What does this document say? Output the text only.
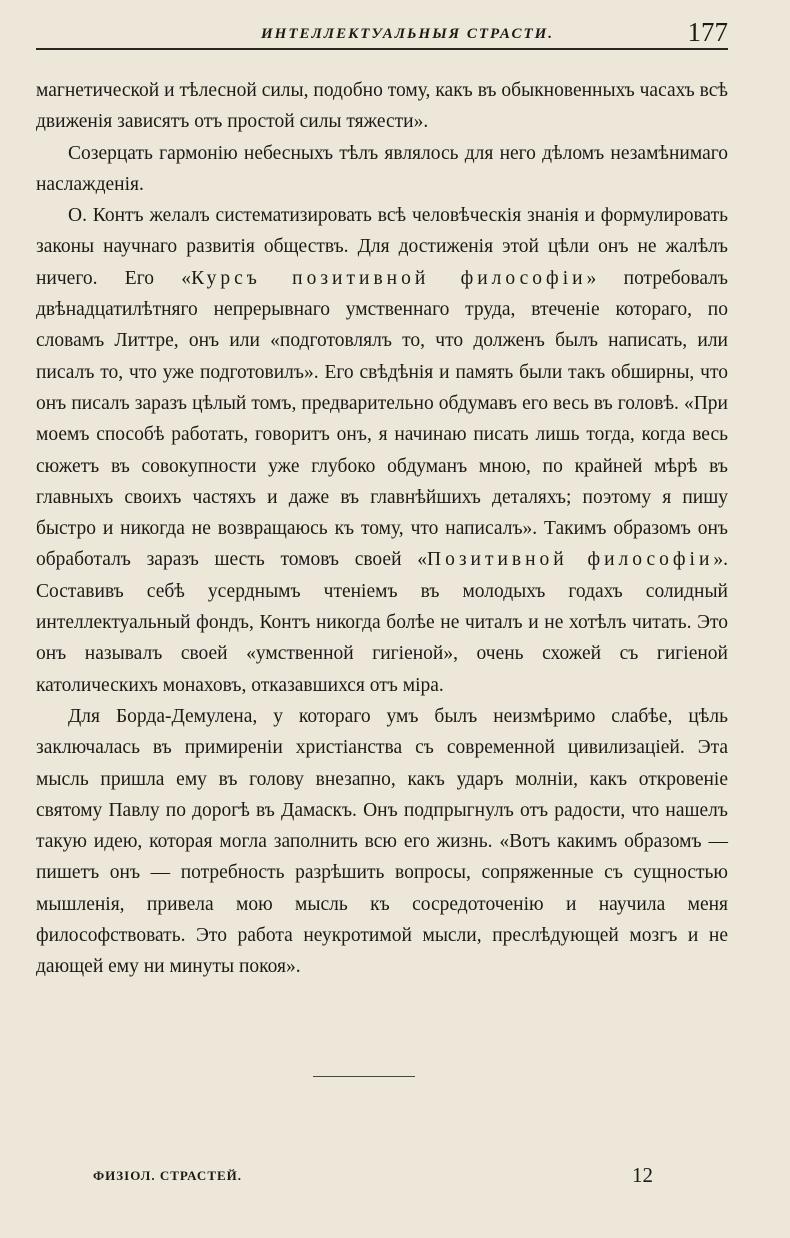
ИНТЕЛЛЕКТУАЛЬНЫЯ СТРАСТИ.	177

магнетической и тѣлесной силы, подобно тому, какъ въ обыкновенныхъ часахъ всѣ движенія зависятъ отъ простой силы тяжести».

Созерцать гармонію небесныхъ тѣлъ являлось для него дѣломъ незамѣнимаго наслажденія.

О. Контъ желалъ систематизировать всѣ человѣческія знанія и формулировать законы научнаго развитія обществъ. Для достиженія этой цѣли онъ не жалѣлъ ничего. Его «Курсъ позитивной философіи» потребовалъ двѣнадцатилѣтняго непрерывнаго умственнаго труда, втеченіе котораго, по словамъ Литтре, онъ или «подготовлялъ то, что долженъ былъ написать, или писалъ то, что уже подготовилъ». Его свѣдѣнія и память были такъ обширны, что онъ писалъ заразъ цѣлый томъ, предварительно обдумавъ его весь въ головѣ. «При моемъ способѣ работать, говоритъ онъ, я начинаю писать лишь тогда, когда весь сюжетъ въ совокупности уже глубоко обдуманъ мною, по крайней мѣрѣ въ главныхъ своихъ частяхъ и даже въ главнѣйшихъ деталяхъ; поэтому я пишу быстро и никогда не возвращаюсь къ тому, что написалъ». Такимъ образомъ онъ обработалъ заразъ шесть томовъ своей «Позитивной философіи». Составивъ себѣ усерднымъ чтеніемъ въ молодыхъ годахъ солидный интеллектуальный фондъ, Контъ никогда болѣе не читалъ и не хотѣлъ читать. Это онъ называлъ своей «умственной гигіеной», очень схожей съ гигіеной католическихъ монаховъ, отказавшихся отъ міра.

Для Борда-Демулена, у котораго умъ былъ неизмѣримо слабѣе, цѣль заключалась въ примиреніи христіанства съ современной цивилизаціей. Эта мысль пришла ему въ голову внезапно, какъ ударъ молніи, какъ откровеніе святому Павлу по дорогѣ въ Дамаскъ. Онъ подпрыгнулъ отъ радости, что нашелъ такую идею, которая могла заполнить всю его жизнь. «Вотъ какимъ образомъ — пишетъ онъ — потребность разрѣшить вопросы, сопряженные съ сущностью мышленія, привела мою мысль къ сосредоточенію и научила меня философствовать. Это работа неукротимой мысли, преслѣдующей мозгъ и не дающей ему ни минуты покоя».

ФИЗІОЛ. СТРАСТЕЙ.	12
